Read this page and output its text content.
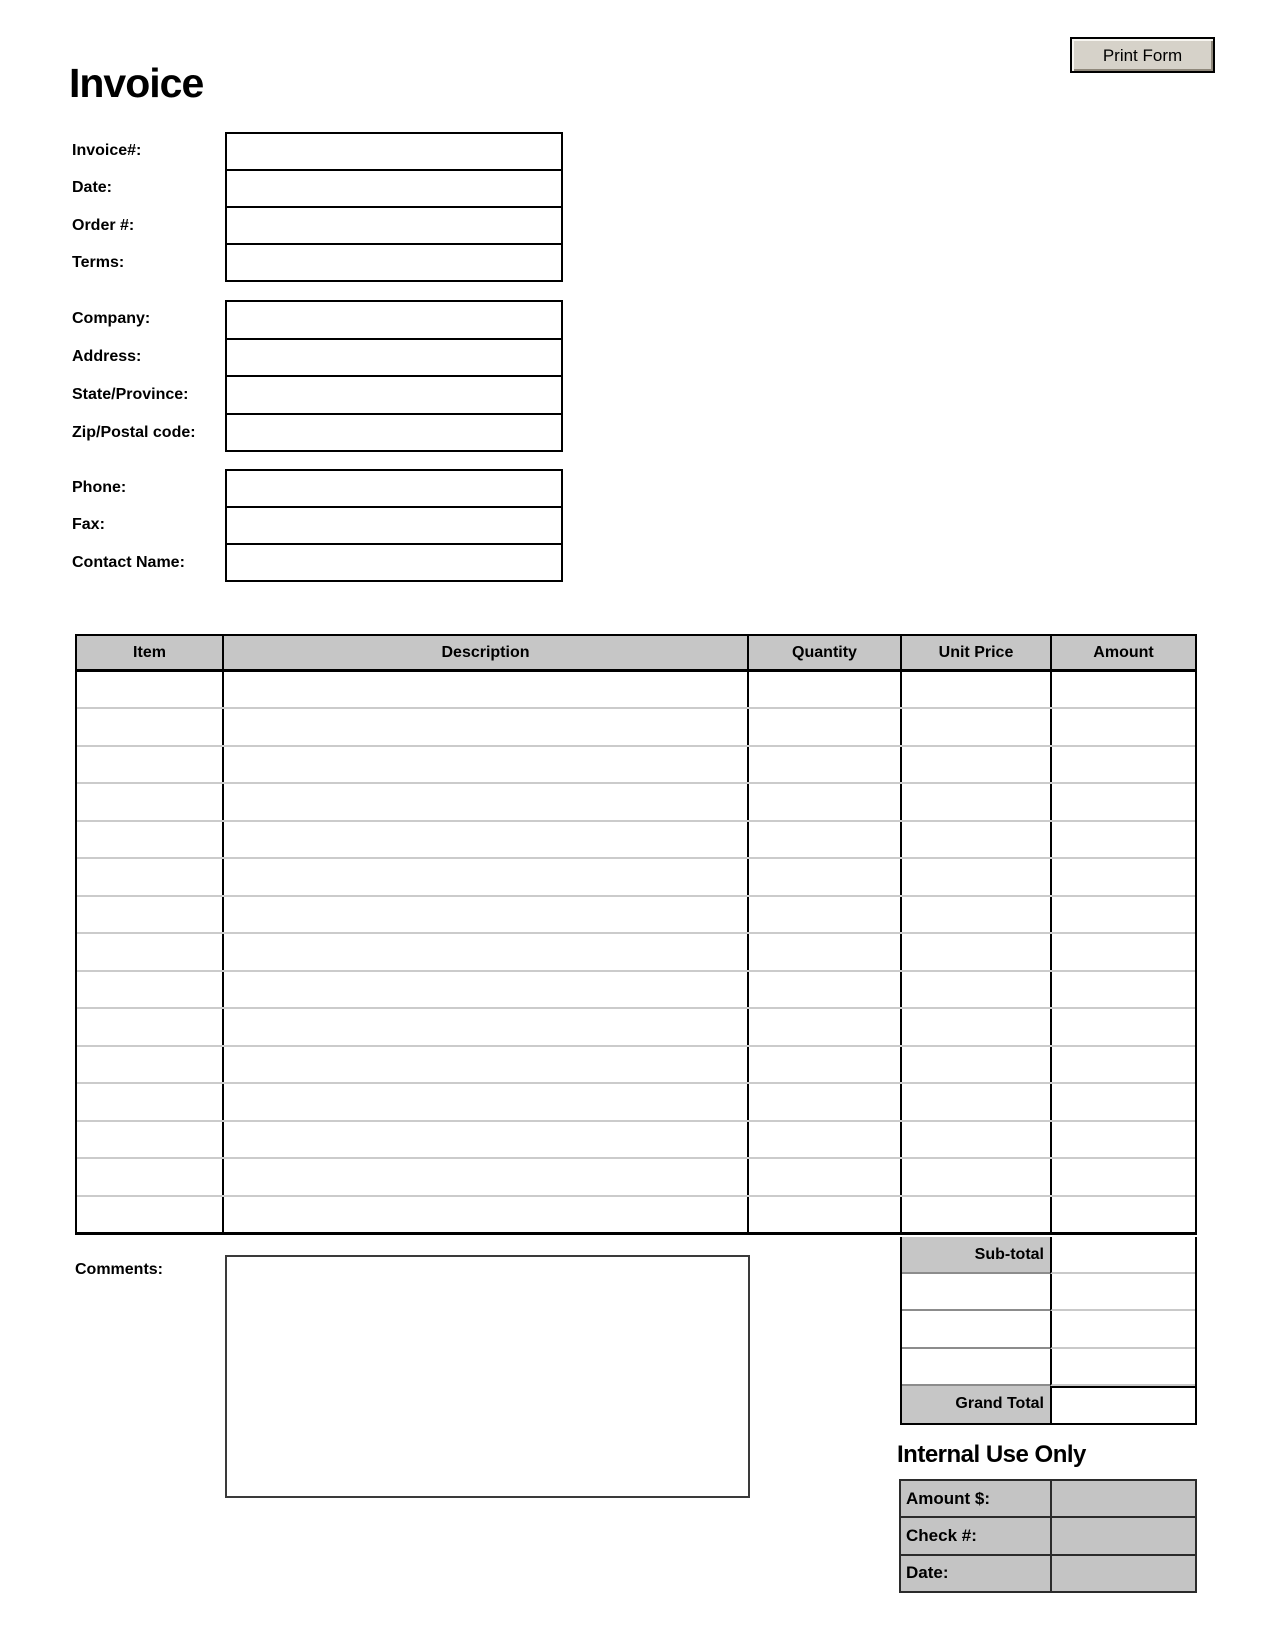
Print Form
Invoice
Invoice#:
Date:
Order #:
Terms:
Company:
Address:
State/Province:
Zip/Postal code:
Phone:
Fax:
Contact Name:
Item	Description	Quantity	Unit Price	Amount
Sub-total
Grand Total
Comments:
Internal Use Only
Amount $:
Check #:
Date:
